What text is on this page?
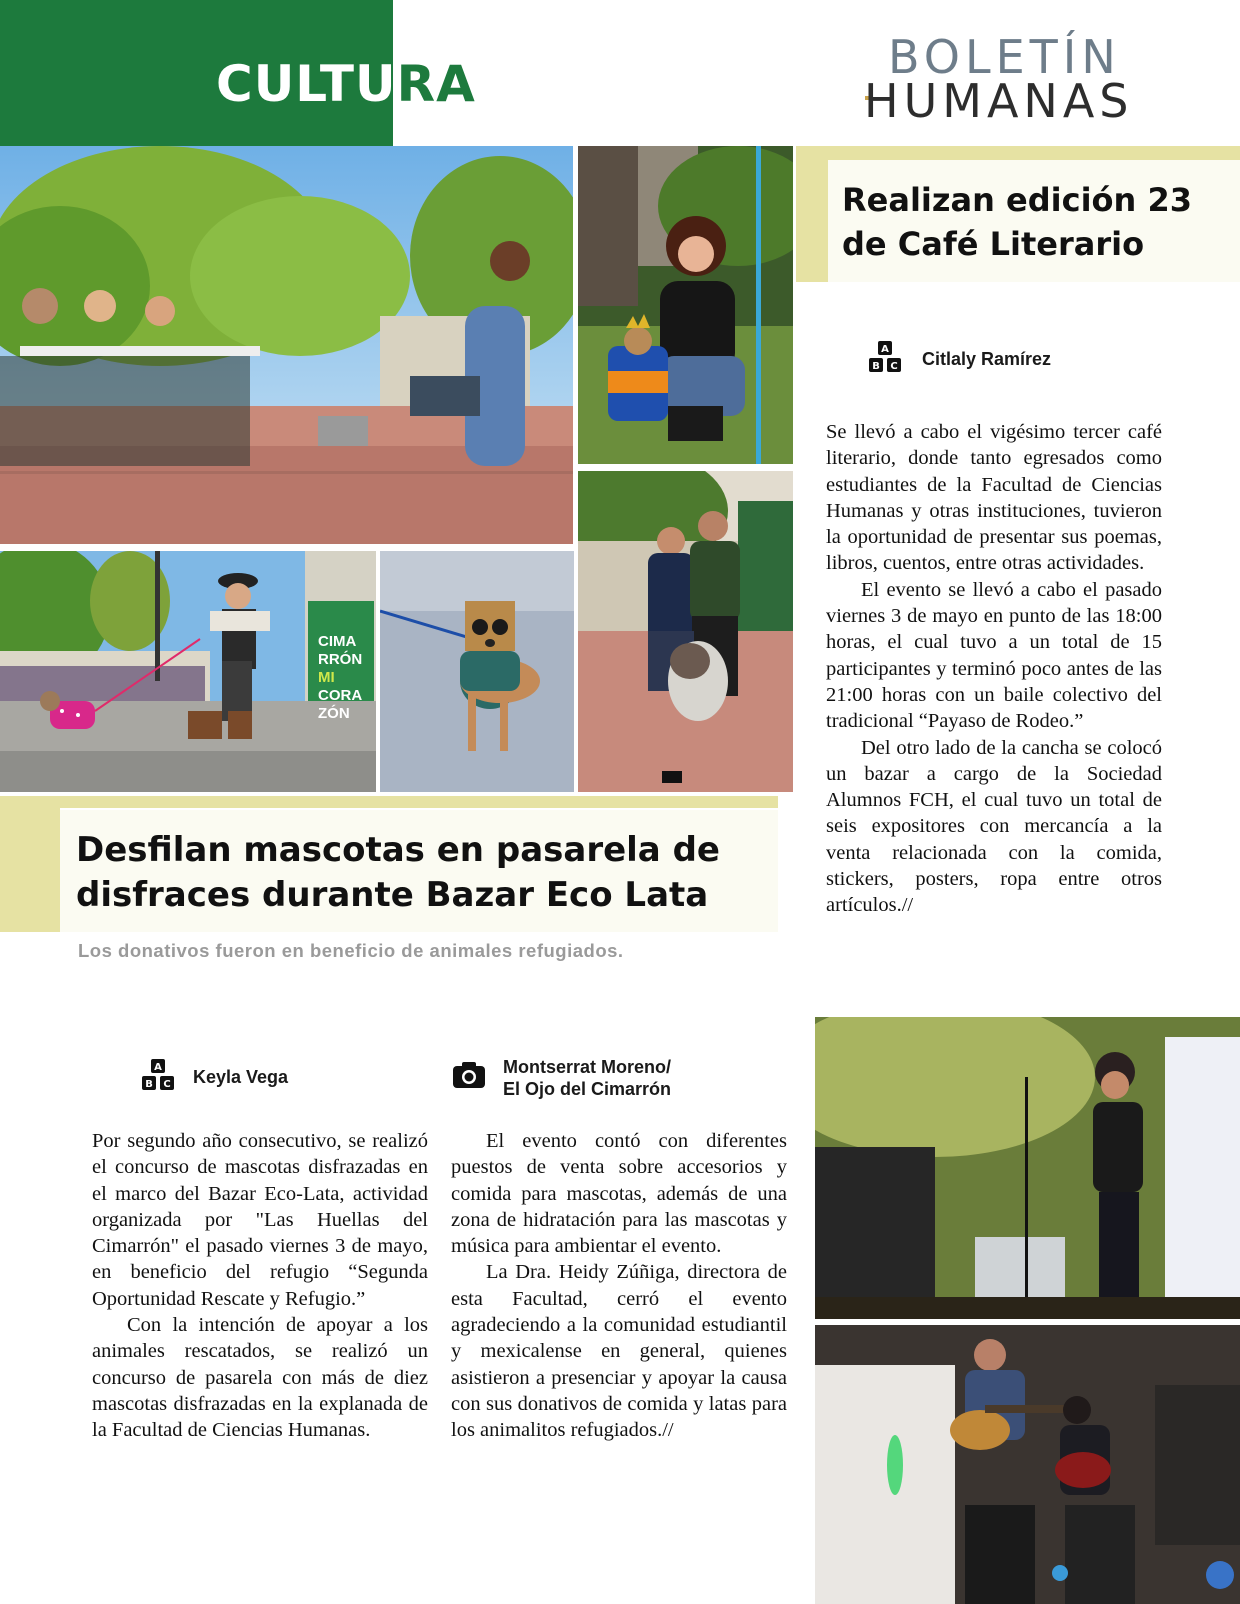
CULTURA	BOLETÍN
HUMANAS
CIMA
RRÓN
MI
CORA
ZÓN
Realizan edición 23 de Café Literario
A
B C Citlaly Ramírez

Se llevó a cabo el vigésimo tercer café literario, donde tanto egresados como estudiantes de la Facultad de Ciencias Humanas y otras instituciones, tuvieron la oportunidad de presentar sus poemas, libros, cuentos, entre otras actividades.

El evento se llevó a cabo el pasado viernes 3 de mayo en punto de las 18:00 horas, el cual tuvo a un total de 15 participantes y terminó poco antes de las 21:00 horas con un baile colectivo del tradicional “Payaso de Rodeo.”

Del otro lado de la cancha se colocó un bazar a cargo de la Sociedad Alumnos FCH, el cual tuvo un total de seis expositores con mercancía a la venta relacionada con la comida, stickers, posters, ropa entre otros artículos.//

Desfilan mascotas en pasarela de disfraces durante Bazar Eco Lata
Los donativos fueron en beneficio de animales refugiados.
A
B C Keyla Vega	Montserrat Moreno/
El Ojo del Cimarrón

Por segundo año consecutivo, se realizó el concurso de mascotas disfrazadas en el marco del Bazar Eco-Lata, actividad organizada por "Las Huellas del Cimarrón" el pasado viernes 3 de mayo, en beneficio del refugio “Segunda Oportunidad Rescate y Refugio.”

Con la intención de apoyar a los animales rescatados, se realizó un concurso de pasarela con más de diez mascotas disfrazadas en la explanada de la Facultad de Ciencias Humanas.

El evento contó con diferentes puestos de venta sobre accesorios y comida para mascotas, además de una zona de hidratación para las mascotas y música para ambientar el evento.

La Dra. Heidy Zúñiga, directora de esta Facultad, cerró el evento agradeciendo a la comunidad estudiantil y mexicalense en general, quienes asistieron a presenciar y apoyar la causa con sus donativos de comida y latas para los animalitos refugiados.//
